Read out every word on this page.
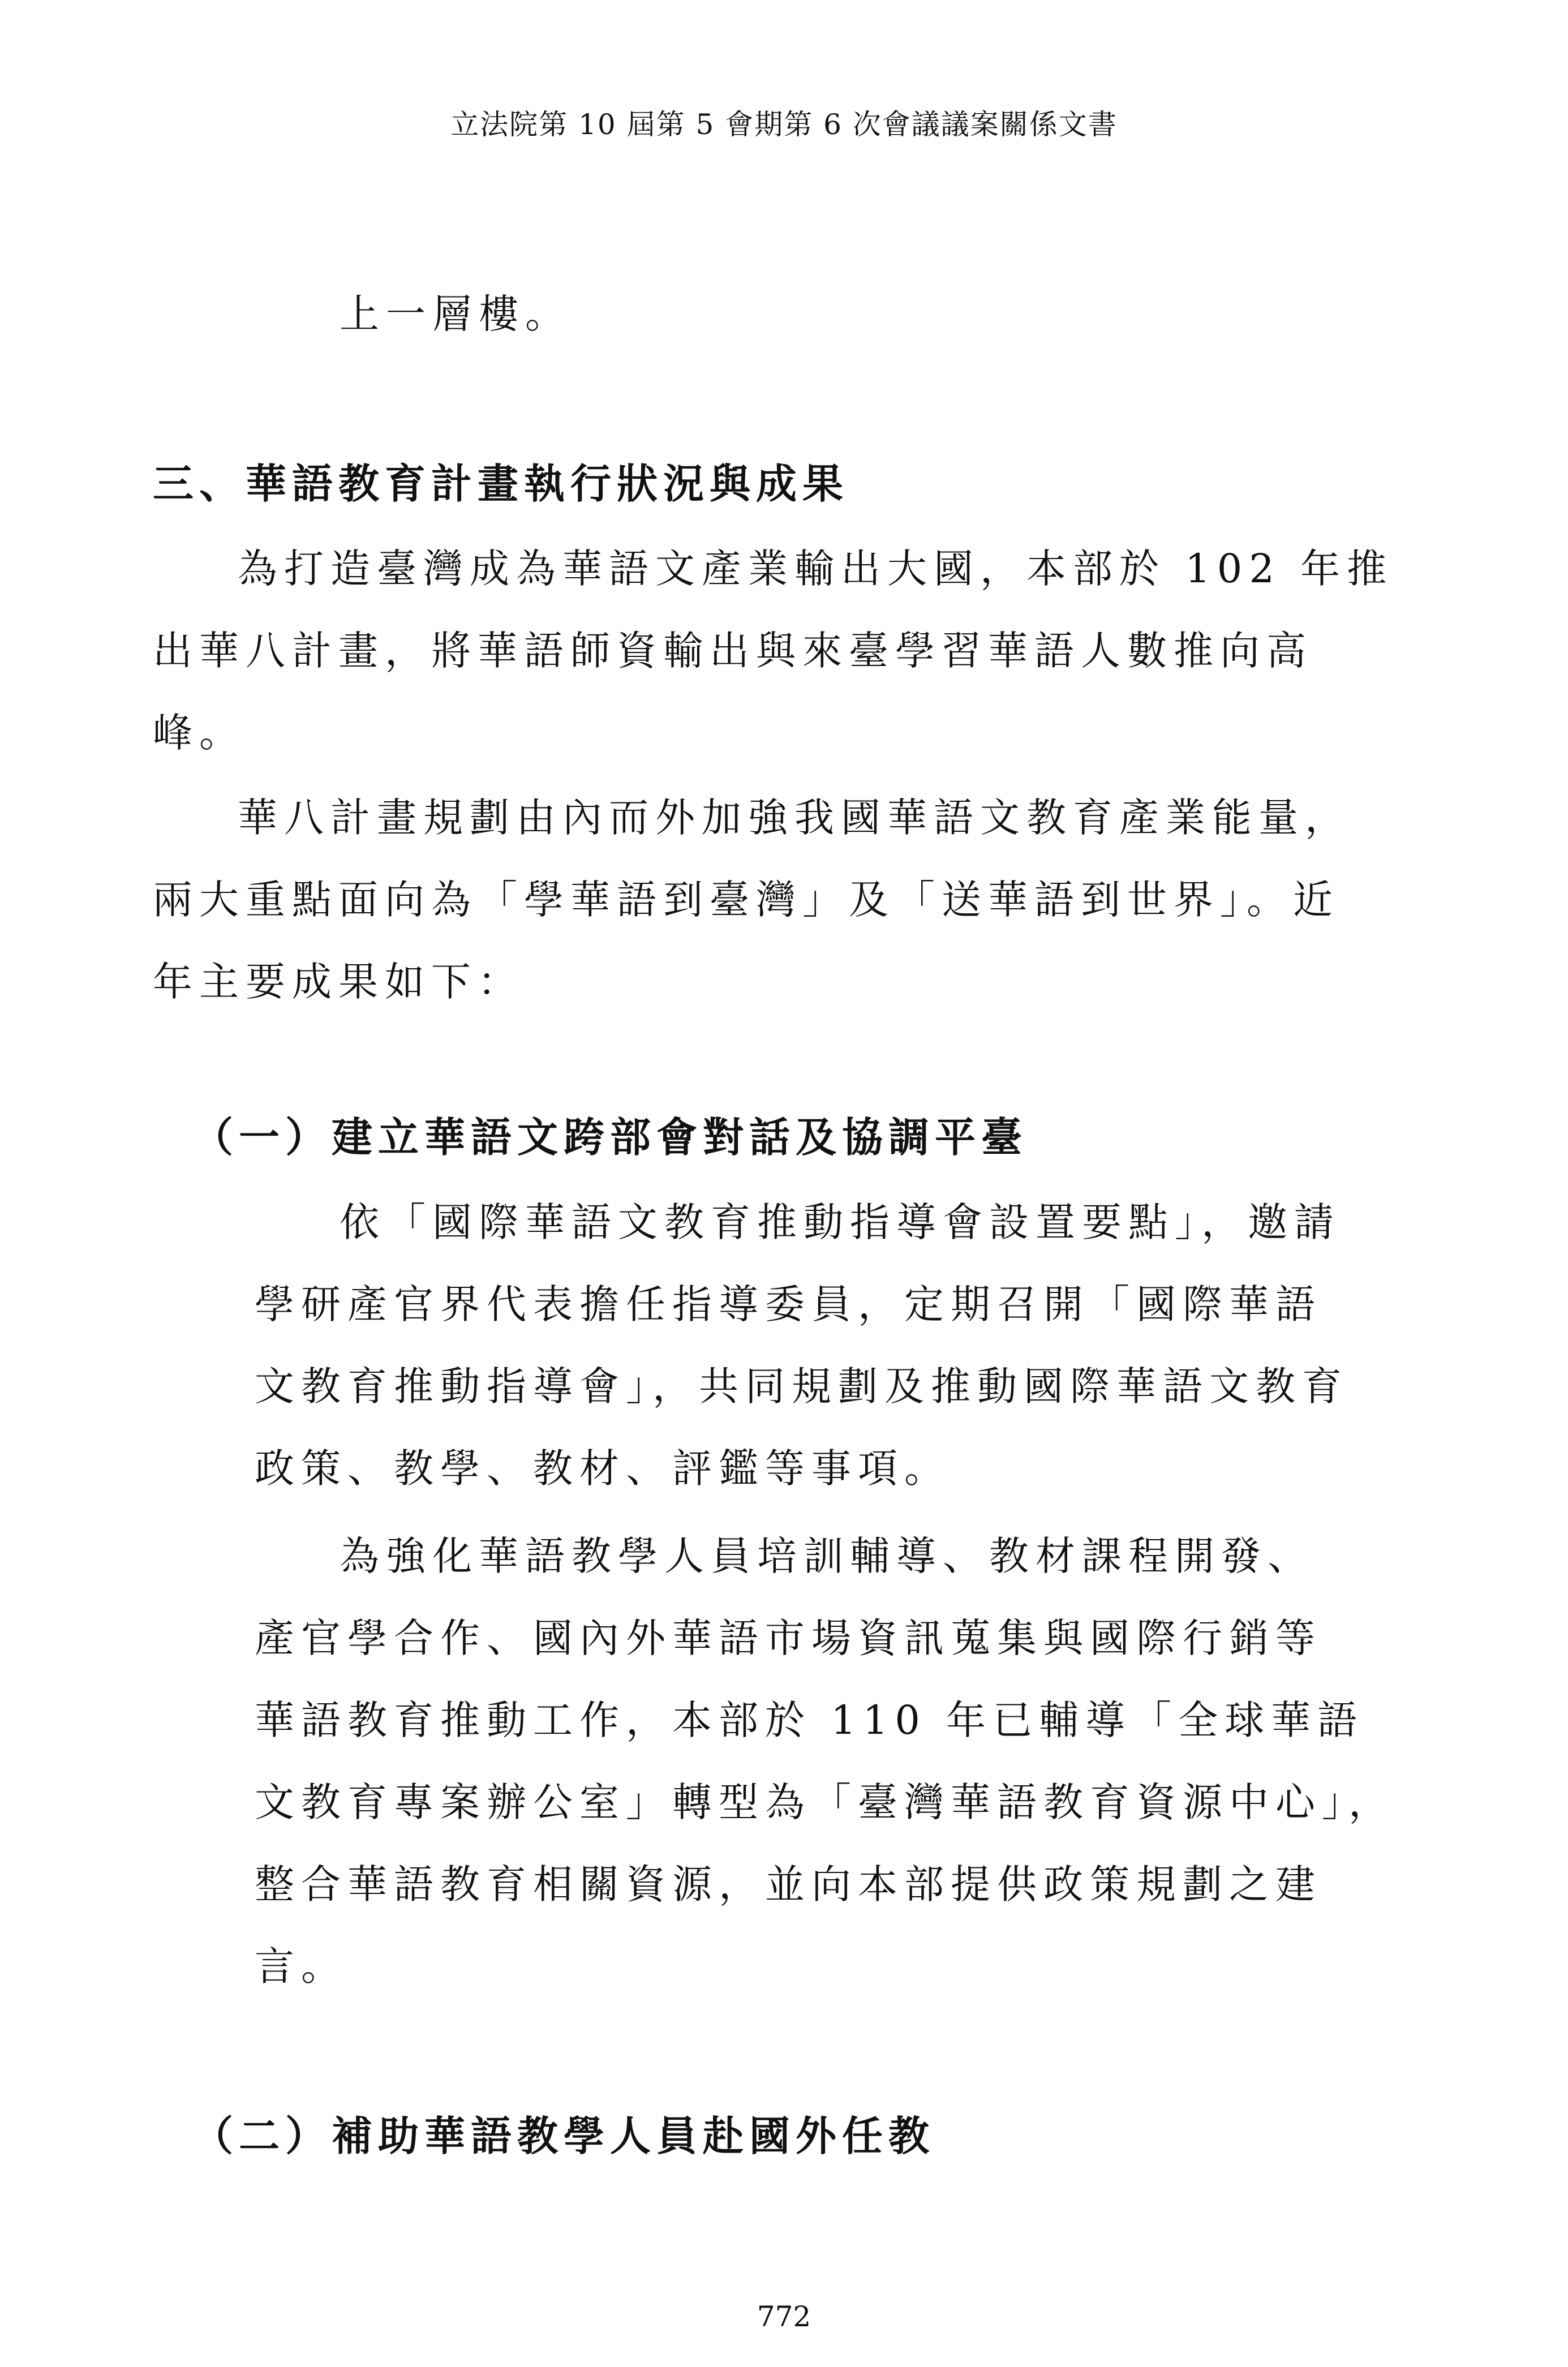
立法院第 10 屆第 5 會期第 6 次會議議案關係文書
上一層樓。
三、華語教育計畫執行狀況與成果
為打造臺灣成為華語文產業輸出大國，本部於 102 年推
出華八計畫，將華語師資輸出與來臺學習華語人數推向高
峰。
華八計畫規劃由內而外加強我國華語文教育產業能量，
兩大重點面向為「學華語到臺灣」及「送華語到世界」。近
年主要成果如下：
（一）建立華語文跨部會對話及協調平臺
依「國際華語文教育推動指導會設置要點」，邀請
學研產官界代表擔任指導委員，定期召開「國際華語
文教育推動指導會」，共同規劃及推動國際華語文教育
政策、教學、教材、評鑑等事項。
為強化華語教學人員培訓輔導、教材課程開發、
產官學合作、國內外華語市場資訊蒐集與國際行銷等
華語教育推動工作，本部於 110 年已輔導「全球華語
文教育專案辦公室」轉型為「臺灣華語教育資源中心」，
整合華語教育相關資源，並向本部提供政策規劃之建
言。
（二）補助華語教學人員赴國外任教
772
